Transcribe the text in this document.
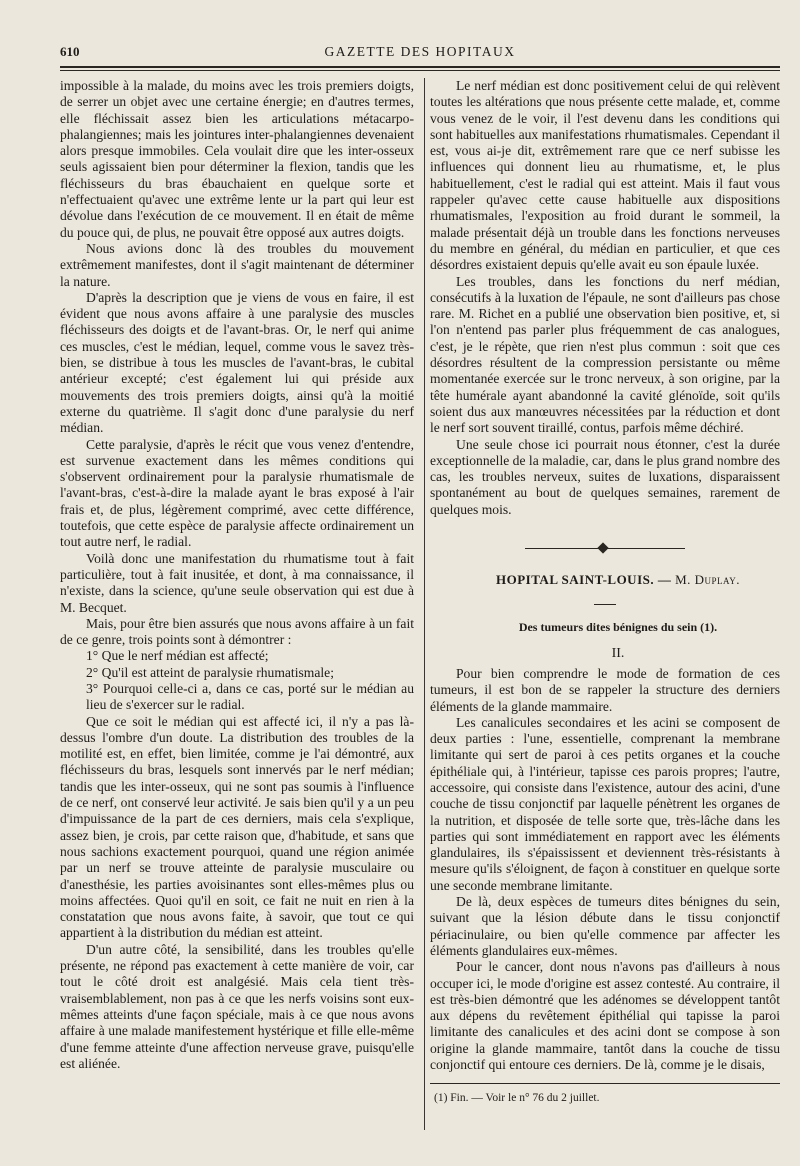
610	GAZETTE DES HOPITAUX

impossible à la malade, du moins avec les trois premiers doigts, de serrer un objet avec une certaine énergie; en d'autres termes, elle fléchissait assez bien les articulations métacarpo-phalangiennes; mais les jointures inter-phalangiennes devenaient alors presque immobiles. Cela voulait dire que les inter-osseux seuls agissaient bien pour déterminer la flexion, tandis que les fléchisseurs du bras ébauchaient en quelque sorte et n'effectuaient qu'avec une extrême lente ur la part qui leur est dévolue dans l'exécution de ce mouvement. Il en était de même du pouce qui, de plus, ne pouvait être opposé aux autres doigts.

Nous avions donc là des troubles du mouvement extrêmement manifestes, dont il s'agit maintenant de déterminer la nature.

D'après la description que je viens de vous en faire, il est évident que nous avons affaire à une paralysie des muscles fléchisseurs des doigts et de l'avant-bras. Or, le nerf qui anime ces muscles, c'est le médian, lequel, comme vous le savez très-bien, se distribue à tous les muscles de l'avant-bras, le cubital antérieur excepté; c'est également lui qui préside aux mouvements des trois premiers doigts, ainsi qu'à la moitié externe du quatrième. Il s'agit donc d'une paralysie du nerf médian.

Cette paralysie, d'après le récit que vous venez d'entendre, est survenue exactement dans les mêmes conditions qui s'observent ordinairement pour la paralysie rhumatismale de l'avant-bras, c'est-à-dire la malade ayant le bras exposé à l'air frais et, de plus, légèrement comprimé, avec cette différence, toutefois, que cette espèce de paralysie affecte ordinairement un tout autre nerf, le radial.

Voilà donc une manifestation du rhumatisme tout à fait particulière, tout à fait inusitée, et dont, à ma connaissance, il n'existe, dans la science, qu'une seule observation qui est due à M. Becquet.

Mais, pour être bien assurés que nous avons affaire à un fait de ce genre, trois points sont à démontrer :

1° Que le nerf médian est affecté;

2° Qu'il est atteint de paralysie rhumatismale;

3° Pourquoi celle-ci a, dans ce cas, porté sur le médian au lieu de s'exercer sur le radial.

Que ce soit le médian qui est affecté ici, il n'y a pas là-dessus l'ombre d'un doute. La distribution des troubles de la motilité est, en effet, bien limitée, comme je l'ai démontré, aux fléchisseurs du bras, lesquels sont innervés par le nerf médian; tandis que les inter-osseux, qui ne sont pas soumis à l'influence de ce nerf, ont conservé leur activité. Je sais bien qu'il y a un peu d'impuissance de la part de ces derniers, mais cela s'explique, assez bien, je crois, par cette raison que, d'habitude, et sans que nous sachions exactement pourquoi, quand une région animée par un nerf se trouve atteinte de paralysie musculaire ou d'anesthésie, les parties avoisinantes sont elles-mêmes plus ou moins affectées. Quoi qu'il en soit, ce fait ne nuit en rien à la constatation que nous avons faite, à savoir, que tout ce qui appartient à la distribution du médian est atteint.

D'un autre côté, la sensibilité, dans les troubles qu'elle présente, ne répond pas exactement à cette manière de voir, car tout le côté droit est analgésié. Mais cela tient très-vraisemblablement, non pas à ce que les nerfs voisins sont eux-mêmes atteints d'une façon spéciale, mais à ce que nous avons affaire à une malade manifestement hystérique et fille elle-même d'une femme atteinte d'une affection nerveuse grave, puisqu'elle est aliénée.

Le nerf médian est donc positivement celui de qui relèvent toutes les altérations que nous présente cette malade, et, comme vous venez de le voir, il l'est devenu dans les conditions qui sont habituelles aux manifestations rhumatismales. Cependant il est, vous ai-je dit, extrêmement rare que ce nerf subisse les influences qui donnent lieu au rhumatisme, et, le plus habituellement, c'est le radial qui est atteint. Mais il faut vous rappeler qu'avec cette cause habituelle aux dispositions rhumatismales, l'exposition au froid durant le sommeil, la malade présentait déjà un trouble dans les fonctions nerveuses du membre en général, du médian en particulier, et que ces désordres existaient depuis qu'elle avait eu son épaule luxée.

Les troubles, dans les fonctions du nerf médian, consécutifs à la luxation de l'épaule, ne sont d'ailleurs pas chose rare. M. Richet en a publié une observation bien positive, et, si l'on n'entend pas parler plus fréquemment de cas analogues, c'est, je le répète, que rien n'est plus commun : soit que ces désordres résultent de la compression persistante ou même momentanée exercée sur le tronc nerveux, à son origine, par la tête humérale ayant abandonné la cavité glénoïde, soit qu'ils soient dus aux manœuvres nécessitées par la réduction et dont le nerf sort souvent tiraillé, contus, parfois même déchiré.

Une seule chose ici pourrait nous étonner, c'est la durée exceptionnelle de la maladie, car, dans le plus grand nombre des cas, les troubles nerveux, suites de luxations, disparaissent spontanément au bout de quelques semaines, rarement de quelques mois.

HOPITAL SAINT-LOUIS. — M. Duplay.

Des tumeurs dites bénignes du sein (1).

II.

Pour bien comprendre le mode de formation de ces tumeurs, il est bon de se rappeler la structure des derniers éléments de la glande mammaire.

Les canalicules secondaires et les acini se composent de deux parties : l'une, essentielle, comprenant la membrane limitante qui sert de paroi à ces petits organes et la couche épithéliale qui, à l'intérieur, tapisse ces parois propres; l'autre, accessoire, qui consiste dans l'existence, autour des acini, d'une couche de tissu conjonctif par laquelle pénètrent les organes de la nutrition, et disposée de telle sorte que, très-lâche dans les parties qui sont immédiatement en rapport avec les éléments glandulaires, ils s'épaississent et deviennent très-résistants à mesure qu'ils s'éloignent, de façon à constituer en quelque sorte une seconde membrane limitante.

De là, deux espèces de tumeurs dites bénignes du sein, suivant que la lésion débute dans le tissu conjonctif périacinulaire, ou bien qu'elle commence par affecter les éléments glandulaires eux-mêmes.

Pour le cancer, dont nous n'avons pas d'ailleurs à nous occuper ici, le mode d'origine est assez contesté. Au contraire, il est très-bien démontré que les adénomes se développent tantôt aux dépens du revêtement épithélial qui tapisse la paroi limitante des canalicules et des acini dont se compose à son origine la glande mammaire, tantôt dans la couche de tissu conjonctif qui entoure ces derniers. De là, comme je le disais,

(1) Fin. — Voir le n° 76 du 2 juillet.
